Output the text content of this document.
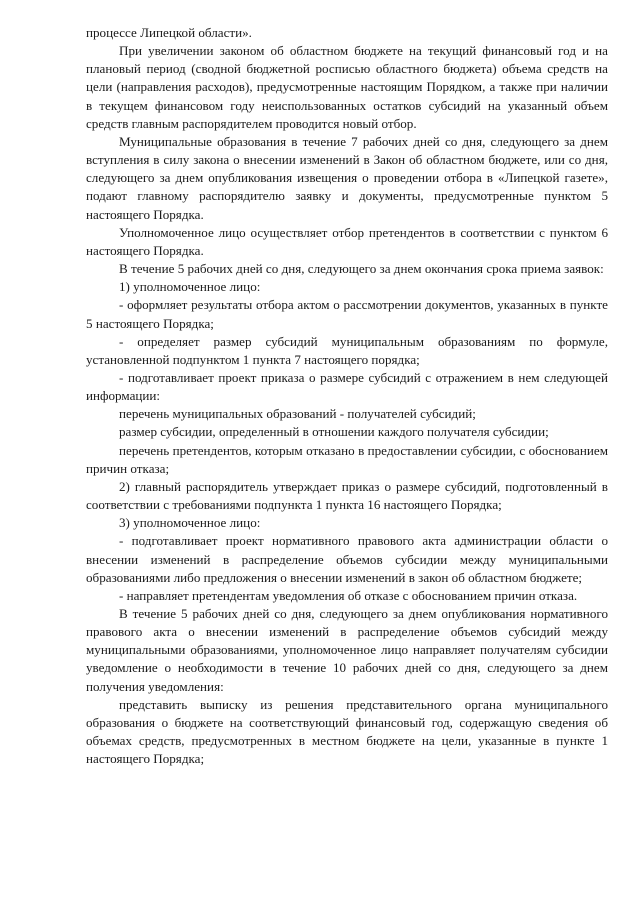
процессе Липецкой области».

При увеличении законом об областном бюджете на текущий финансовый год и на плановый период (сводной бюджетной росписью областного бюджета) объема средств на цели (направления расходов), предусмотренные настоящим Порядком, а также при наличии в текущем финансовом году неиспользованных остатков субсидий на указанный объем средств главным распорядителем проводится новый отбор.

Муниципальные образования в течение 7 рабочих дней со дня, следующего за днем вступления в силу закона о внесении изменений в Закон об областном бюджете, или со дня, следующего за днем опубликования извещения о проведении отбора в «Липецкой газете», подают главному распорядителю заявку и документы, предусмотренные пунктом 5 настоящего Порядка.

Уполномоченное лицо осуществляет отбор претендентов в соответствии с пунктом 6 настоящего Порядка.

В течение 5 рабочих дней со дня, следующего за днем окончания срока приема заявок:

1) уполномоченное лицо:

- оформляет результаты отбора актом о рассмотрении документов, указанных в пункте 5 настоящего Порядка;

- определяет размер субсидий муниципальным образованиям по формуле, установленной подпунктом 1 пункта 7 настоящего порядка;

- подготавливает проект приказа о размере субсидий с отражением в нем следующей информации:

перечень муниципальных образований - получателей субсидий;

размер субсидии, определенный в отношении каждого получателя субсидии;

перечень претендентов, которым отказано в предоставлении субсидии, с обоснованием причин отказа;

2) главный распорядитель утверждает приказ о размере субсидий, подготовленный в соответствии с требованиями подпункта 1 пункта 16 настоящего Порядка;

3) уполномоченное лицо:

- подготавливает проект нормативного правового акта администрации области о внесении изменений в распределение объемов субсидии между муниципальными образованиями либо предложения о внесении изменений в закон об областном бюджете;

- направляет претендентам уведомления об отказе с обоснованием причин отказа.

В течение 5 рабочих дней со дня, следующего за днем опубликования нормативного правового акта о внесении изменений в распределение объемов субсидий между муниципальными образованиями, уполномоченное лицо направляет получателям субсидии уведомление о необходимости в течение 10 рабочих дней со дня, следующего за днем получения уведомления:

представить выписку из решения представительного органа муниципального образования о бюджете на соответствующий финансовый год, содержащую сведения об объемах средств, предусмотренных в местном бюджете на цели, указанные в пункте 1 настоящего Порядка;
